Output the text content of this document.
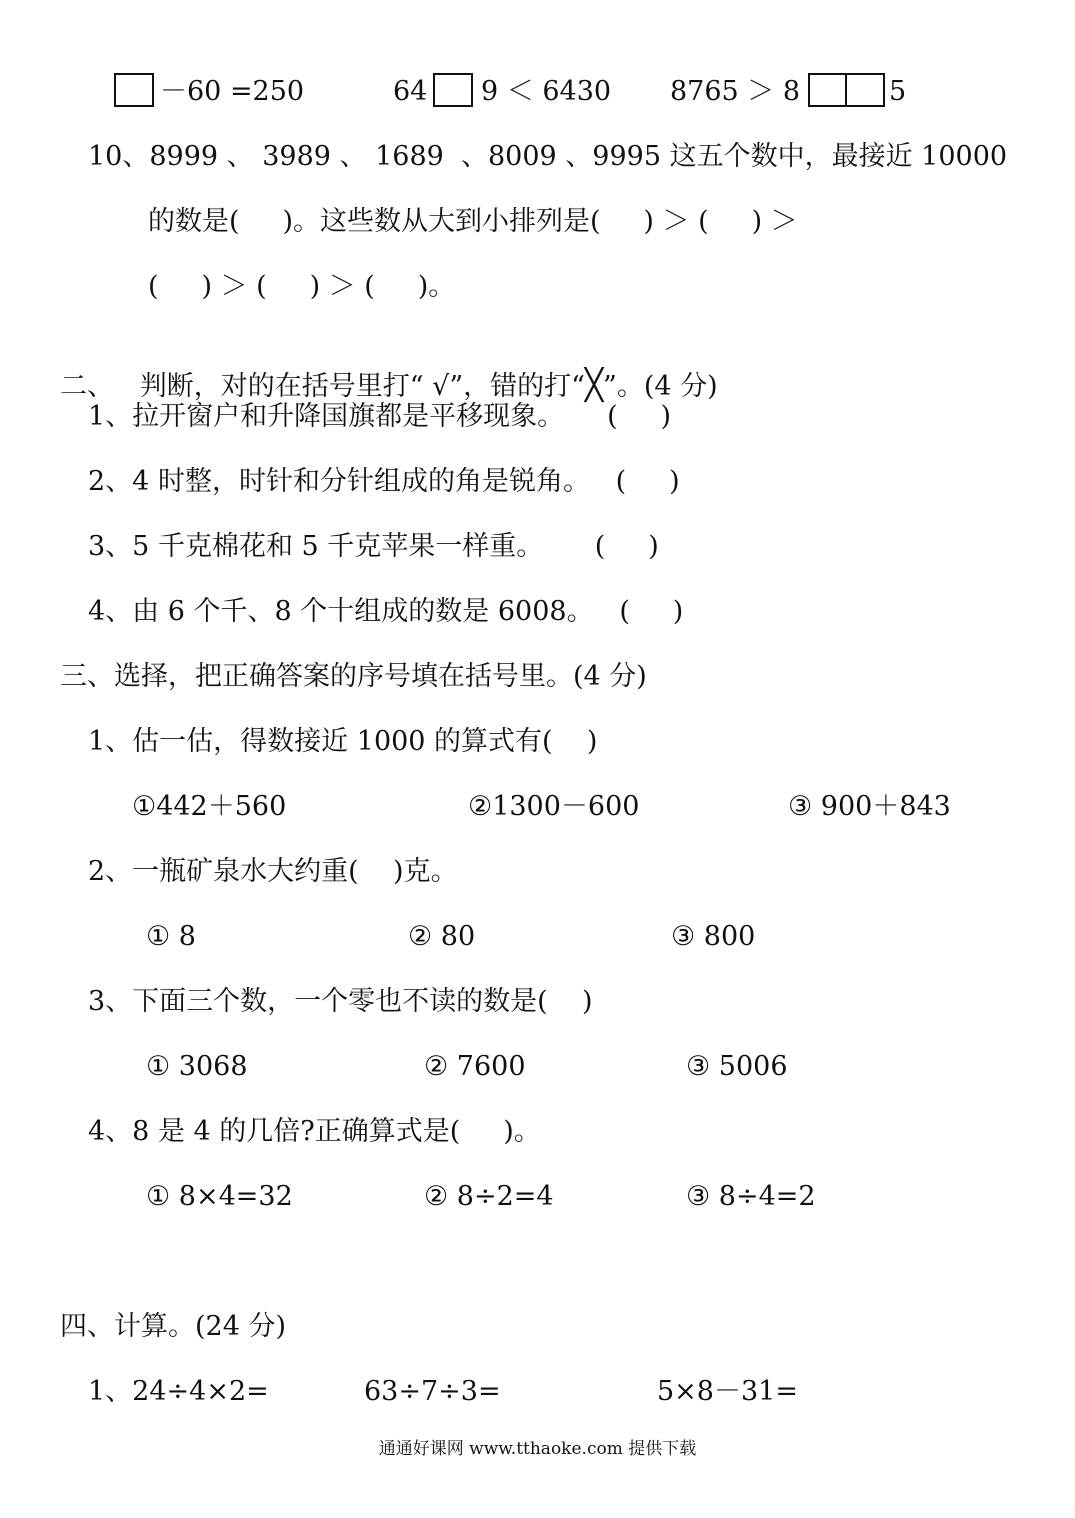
－60 =250	64 9 ＜ 6430 8765 ＞ 8	5
10、8999 、 3989 、 1689  、8009 、9995 这五个数中，最接近 10000
的数是(     )。这些数从大到小排列是(     ) ＞ (     ) ＞
(     ) ＞ (     ) ＞ (     )。

二、   判断，对的在括号里打“ √”，错的打“╳”。(4 分)

1、拉开窗户和升降国旗都是平移现象。     (     )
2、4 时整，时针和分针组成的角是锐角。   (     )
3、5 千克棉花和 5 千克苹果一样重。      (     )
4、由 6 个千、8 个十组成的数是 6008。   (     )
三、选择，把正确答案的序号填在括号里。(4 分)
1、估一估，得数接近 1000 的算式有(    )
①442＋560	②1300－600	③ 900＋843
2、一瓶矿泉水大约重(    )克。
① 8	② 80	③ 800
3、下面三个数，一个零也不读的数是(    )
① 3068	② 7600	③ 5006
4、8 是 4 的几倍?正确算式是(     )。
① 8×4=32	② 8÷2=4	③ 8÷4=2
四、计算。(24 分)
1、24÷4×2=	63÷7÷3=	5×8－31=
通通好课网 www.tthaoke.com 提供下载
